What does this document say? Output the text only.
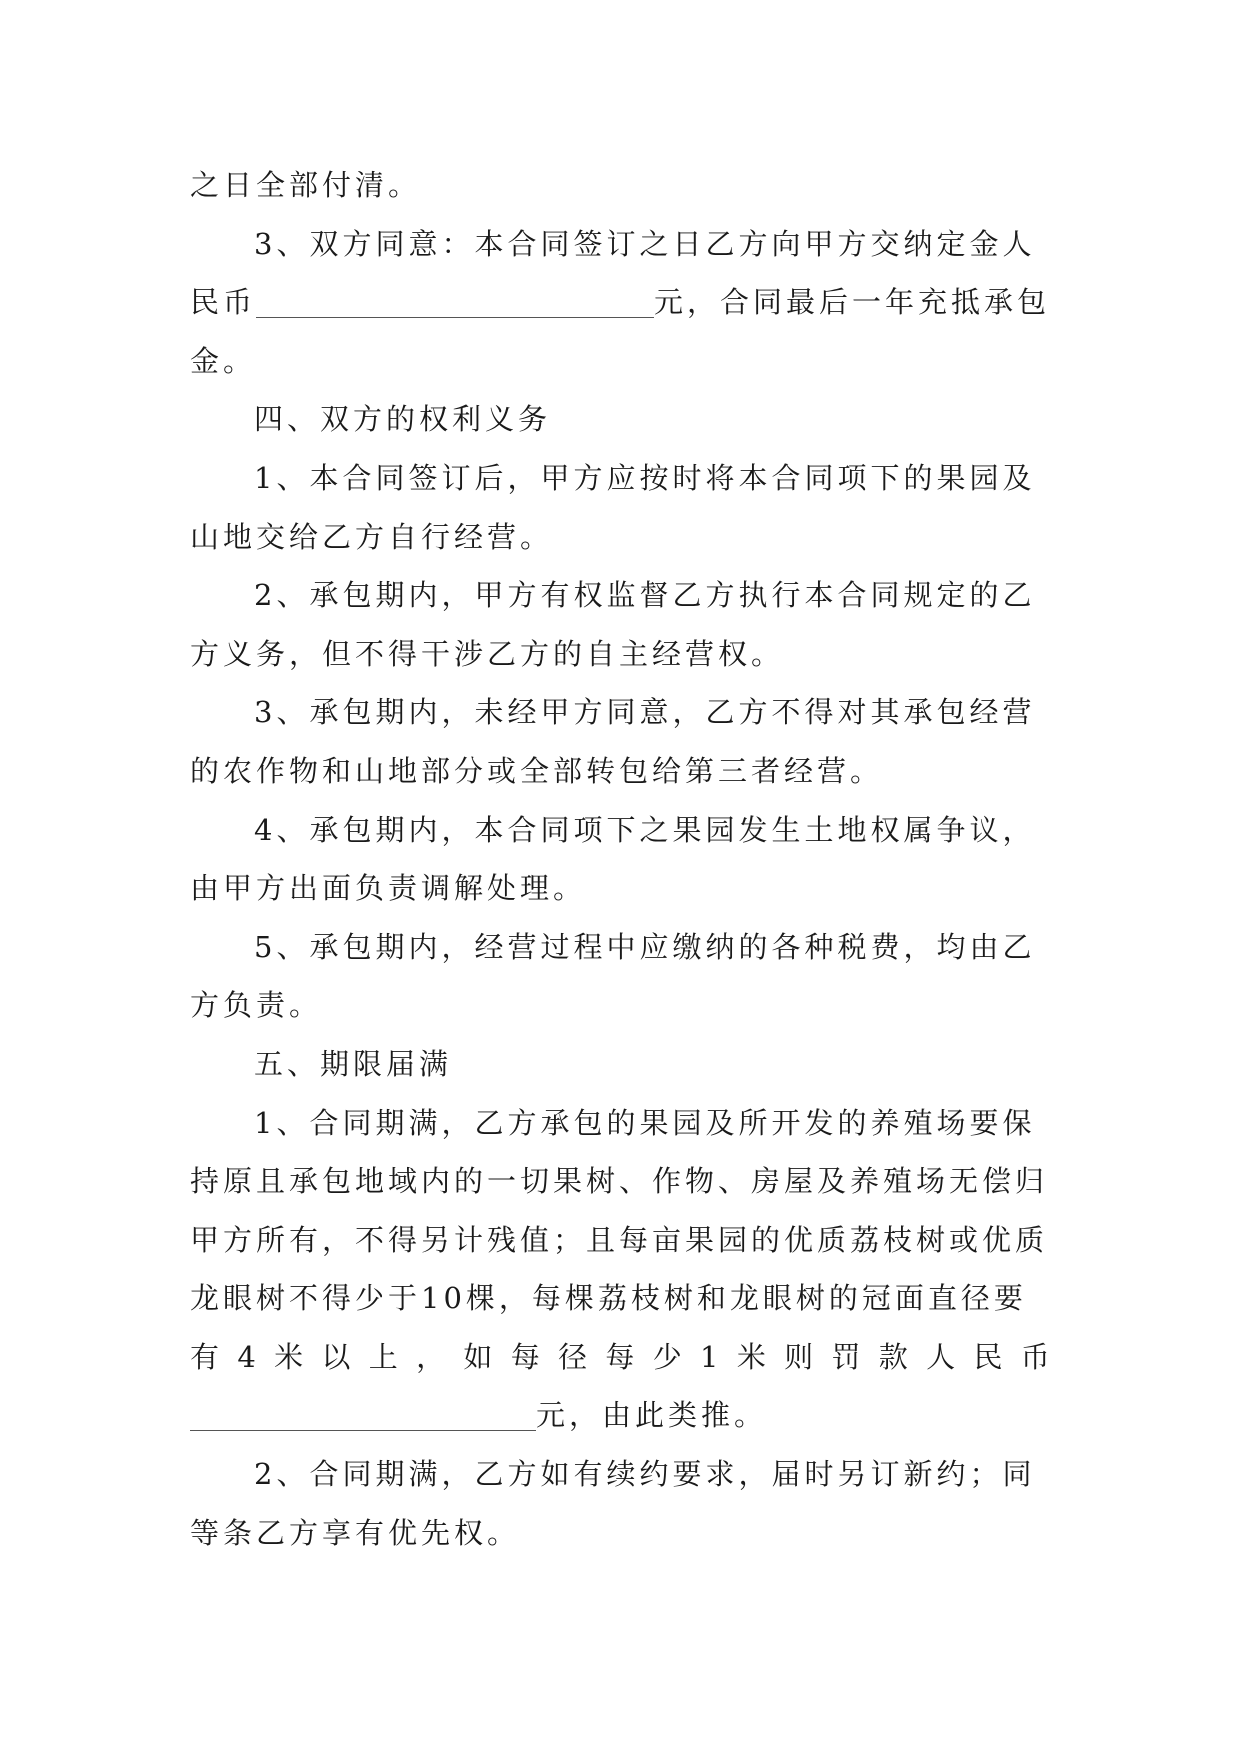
之日全部付清。
3、双方同意：本合同签订之日乙方向甲方交纳定金人
民币	元，合同最后一年充抵承包
金。
四、双方的权利义务
1、本合同签订后，甲方应按时将本合同项下的果园及
山地交给乙方自行经营。
2、承包期内，甲方有权监督乙方执行本合同规定的乙
方义务，但不得干涉乙方的自主经营权。
3、承包期内，未经甲方同意，乙方不得对其承包经营
的农作物和山地部分或全部转包给第三者经营。
4、承包期内，本合同项下之果园发生土地权属争议，
由甲方出面负责调解处理。
5、承包期内，经营过程中应缴纳的各种税费，均由乙
方负责。
五、期限届满
1、合同期满，乙方承包的果园及所开发的养殖场要保
持原且承包地域内的一切果树、作物、房屋及养殖场无偿归
甲方所有，不得另计残值；且每亩果园的优质荔枝树或优质
龙眼树不得少于10棵，每棵荔枝树和龙眼树的冠面直径要
有 4 米 以 上 ， 如 每 径 每 少 1 米 则 罚 款 人 民 币
元，由此类推。
2、合同期满，乙方如有续约要求，届时另订新约；同
等条乙方享有优先权。
